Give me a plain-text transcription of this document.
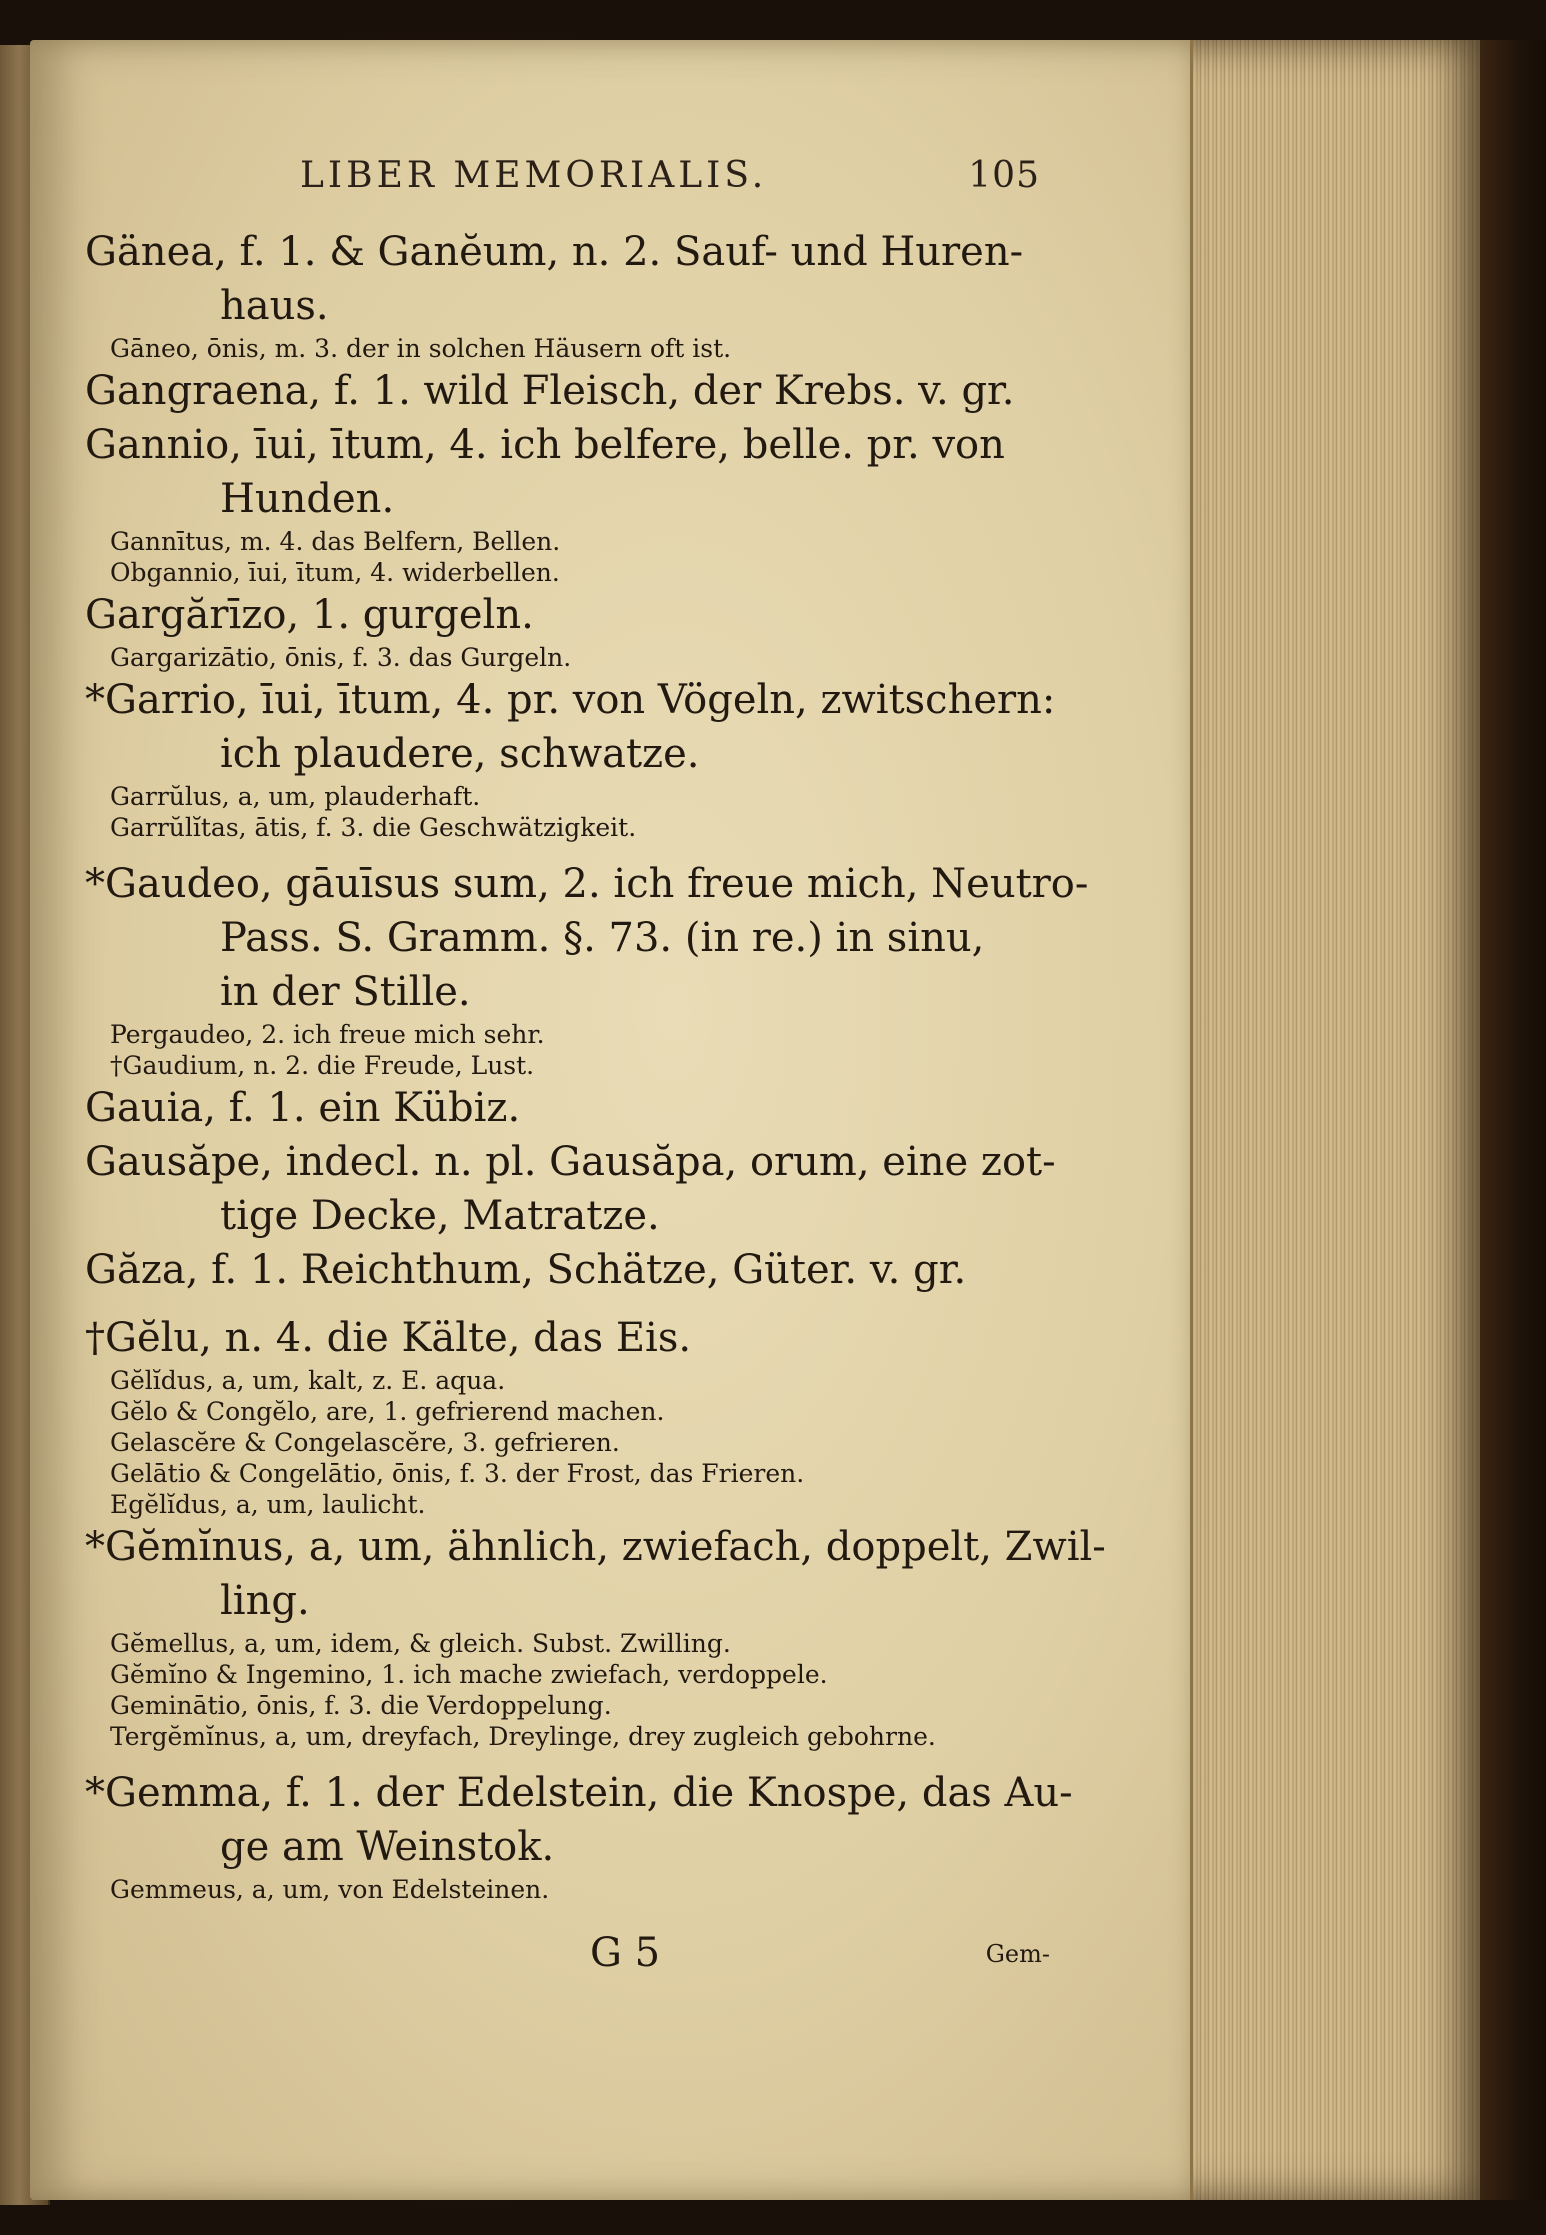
LIBER MEMORIALIS.	105
Gänea, f. 1. & Ganĕum, n. 2. Sauf- und Huren-
haus.
Gāneo, ōnis, m. 3. der in solchen Häusern oft ist.
Gangraena, f. 1. wild Fleisch, der Krebs. v. gr.
Gannio, īui, ītum, 4. ich belfere, belle. pr. von
Hunden.
Gannītus, m. 4. das Belfern, Bellen.
Obgannio, īui, ītum, 4. widerbellen.
Gargărīzo, 1. gurgeln.
Gargarizātio, ōnis, f. 3. das Gurgeln.
*Garrio, īui, ītum, 4. pr. von Vögeln, zwitschern:
ich plaudere, schwatze.
Garrŭlus, a, um, plauderhaft.
Garrŭlĭtas, ātis, f. 3. die Geschwätzigkeit.
*Gaudeo, gāuīsus sum, 2. ich freue mich, Neutro-
Pass. S. Gramm. §. 73. (in re.) in sinu,
in der Stille.
Pergaudeo, 2. ich freue mich sehr.
†Gaudium, n. 2. die Freude, Lust.
Gauia, f. 1. ein Kübiz.
Gausăpe, indecl. n. pl. Gausăpa, orum, eine zot-
tige Decke, Matratze.
Găza, f. 1. Reichthum, Schätze, Güter. v. gr.
†Gĕlu, n. 4. die Kälte, das Eis.
Gĕlĭdus, a, um, kalt, z. E. aqua.
Gĕlo & Congĕlo, are, 1. gefrierend machen.
Gelascĕre & Congelascĕre, 3. gefrieren.
Gelātio & Congelātio, ōnis, f. 3. der Frost, das Frieren.
Egĕlĭdus, a, um, laulicht.
*Gĕmĭnus, a, um, ähnlich, zwiefach, doppelt, Zwil-
ling.
Gĕmellus, a, um, idem, & gleich. Subst. Zwilling.
Gĕmĭno & Ingemino, 1. ich mache zwiefach, verdoppele.
Geminātio, ōnis, f. 3. die Verdoppelung.
Tergĕmĭnus, a, um, dreyfach, Dreylinge, drey zugleich gebohrne.
*Gemma, f. 1. der Edelstein, die Knospe, das Au-
ge am Weinstok.
Gemmeus, a, um, von Edelsteinen.
G 5	Gem-
